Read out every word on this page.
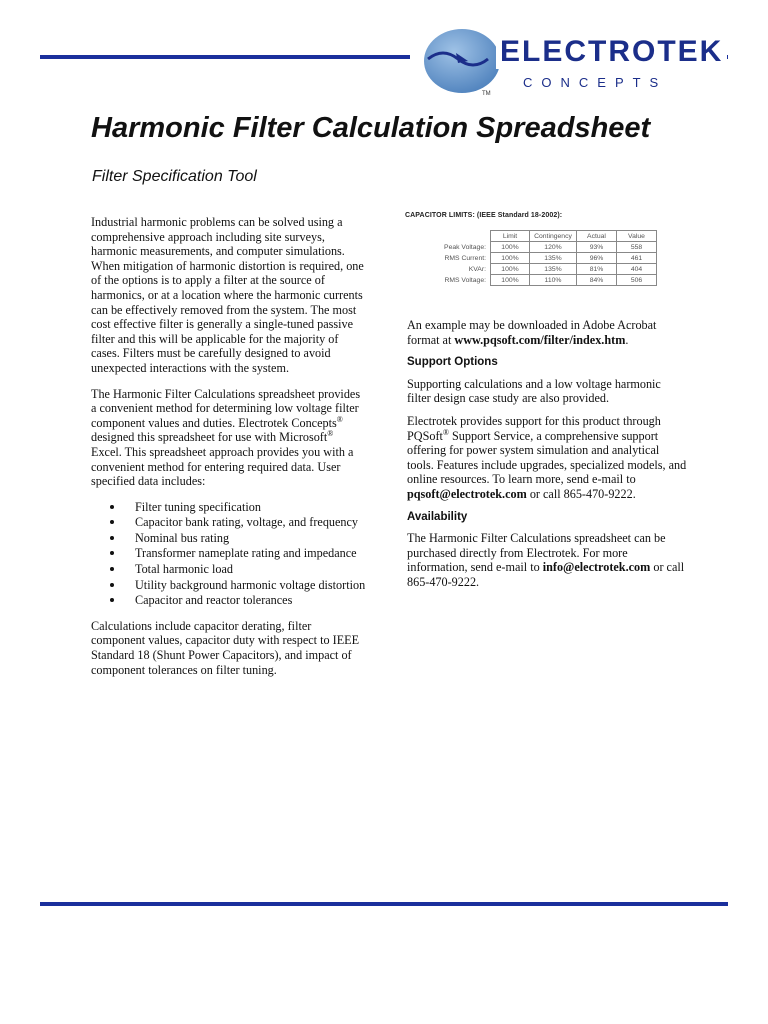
ELECTROTEK
CONCEPTS
TM
Harmonic Filter Calculation Spreadsheet
Filter Specification Tool

Industrial harmonic problems can be solved using a comprehensive approach including site surveys, harmonic measurements, and computer simulations. When mitigation of harmonic distortion is required, one of the options is to apply a filter at the source of harmonics, or at a location where the harmonic currents can be effectively removed from the system. The most cost effective filter is generally a single-tuned passive filter and this will be applicable for the majority of cases. Filters must be carefully designed to avoid unexpected interactions with the system.

The Harmonic Filter Calculations spreadsheet provides a convenient method for determining low voltage filter component values and duties. Electrotek Concepts® designed this spreadsheet for use with Microsoft® Excel. This spreadsheet approach provides you with a convenient method for entering required data. User specified data includes:

Filter tuning specification
Capacitor bank rating, voltage, and frequency
Nominal bus rating
Transformer nameplate rating and impedance
Total harmonic load
Utility background harmonic voltage distortion
Capacitor and reactor tolerances

Calculations include capacitor derating, filter component values, capacitor duty with respect to IEEE Standard 18 (Shunt Power Capacitors), and impact of component tolerances on filter tuning.

CAPACITOR LIMITS: (IEEE Standard 18-2002):
	Limit	Contingency	Actual	Value
Peak Voltage:	100%	120%	93%	558
RMS Current:	100%	135%	96%	461
KVAr:	100%	135%	81%	404
RMS Voltage:	100%	110%	84%	506

An example may be downloaded in Adobe Acrobat format at www.pqsoft.com/filter/index.htm.

Support Options

Supporting calculations and a low voltage harmonic filter design case study are also provided.

Electrotek provides support for this product through PQSoft® Support Service, a comprehensive support offering for power system simulation and analytical tools. Features include upgrades, specialized models, and online resources. To learn more, send e-mail to pqsoft@electrotek.com or call 865-470-9222.

Availability

The Harmonic Filter Calculations spreadsheet can be purchased directly from Electrotek. For more information, send e-mail to info@electrotek.com or call 865-470-9222.
